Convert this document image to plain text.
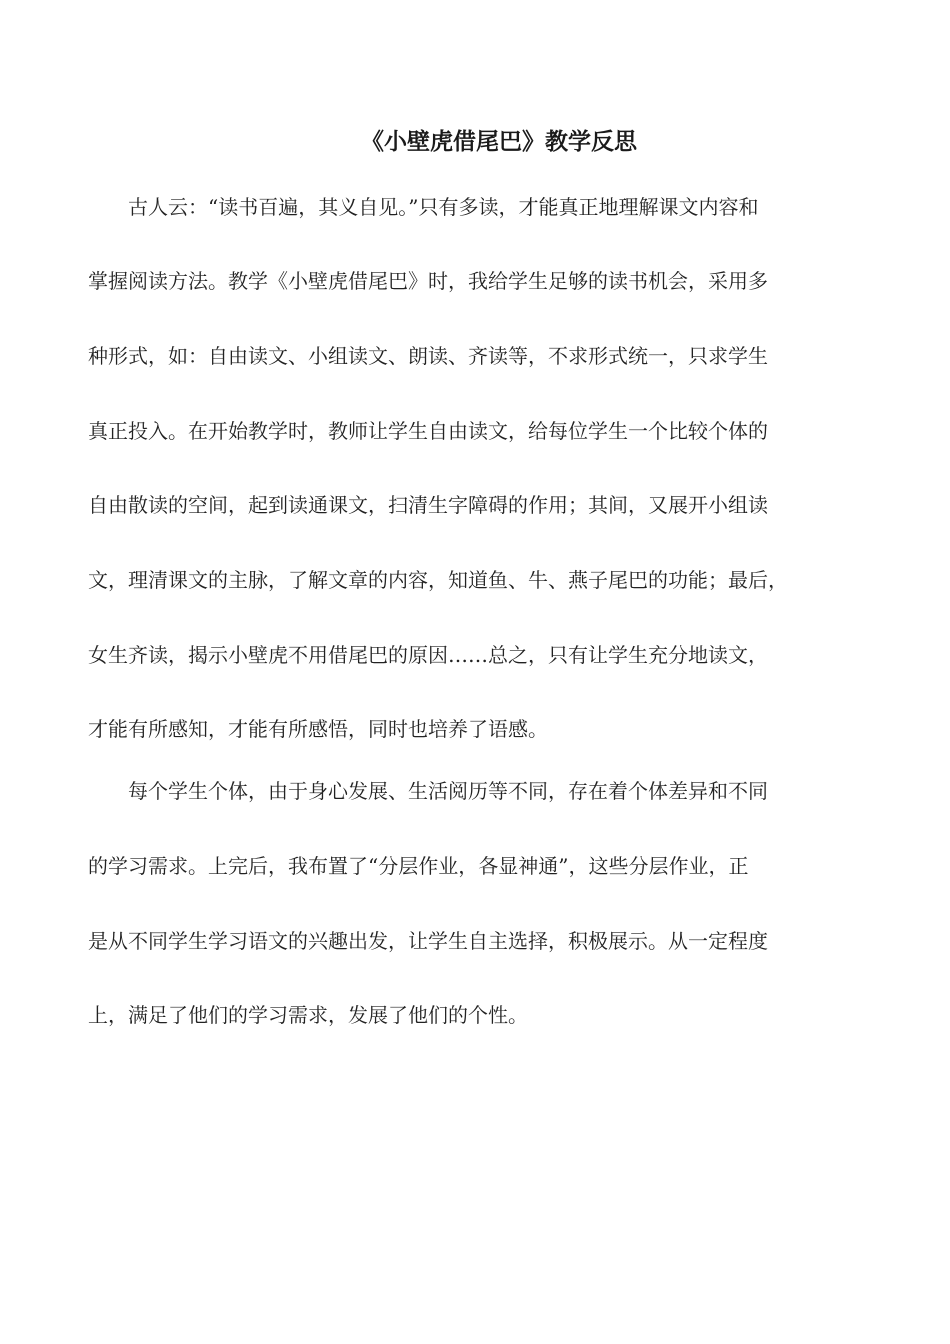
《小壁虎借尾巴》教学反思
古人云：“读书百遍，其义自见。”只有多读，才能真正地理解课文内容和
掌握阅读方法。教学《小壁虎借尾巴》时，我给学生足够的读书机会，采用多
种形式，如：自由读文、小组读文、朗读、齐读等，不求形式统一，只求学生
真正投入。在开始教学时，教师让学生自由读文，给每位学生一个比较个体的
自由散读的空间，起到读通课文，扫清生字障碍的作用；其间，又展开小组读
文，理清课文的主脉，了解文章的内容，知道鱼、牛、燕子尾巴的功能；最后，
女生齐读，揭示小壁虎不用借尾巴的原因……总之，只有让学生充分地读文，
才能有所感知，才能有所感悟，同时也培养了语感。
每个学生个体，由于身心发展、生活阅历等不同，存在着个体差异和不同
的学习需求。上完后，我布置了“分层作业，各显神通”，这些分层作业，正
是从不同学生学习语文的兴趣出发，让学生自主选择，积极展示。从一定程度
上，满足了他们的学习需求，发展了他们的个性。
